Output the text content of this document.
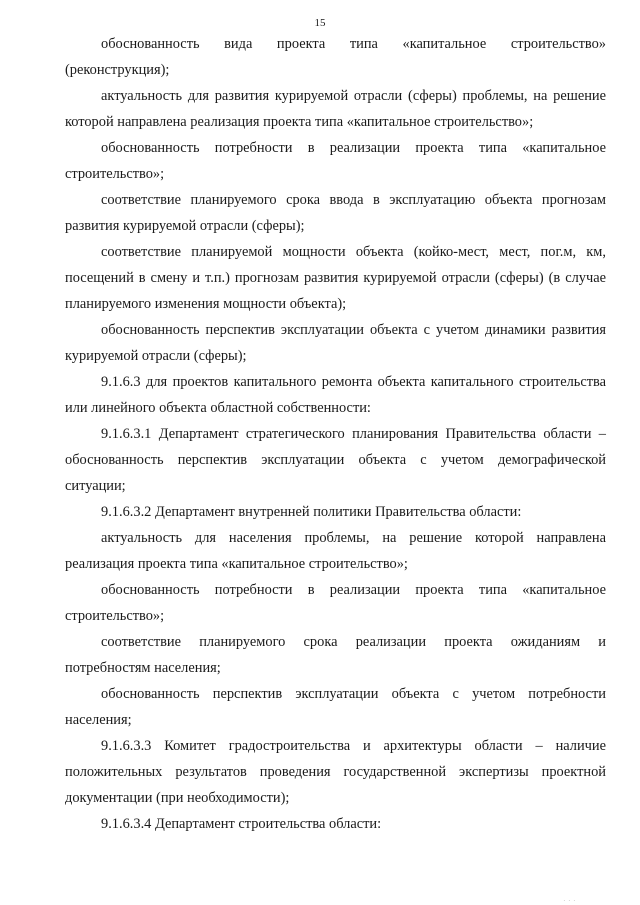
15

обоснованность вида проекта типа «капитальное строительство» (реконструкция);

актуальность для развития курируемой отрасли (сферы) проблемы, на решение которой направлена реализация проекта типа «капитальное строительство»;

обоснованность потребности в реализации проекта типа «капитальное строительство»;

соответствие планируемого срока ввода в эксплуатацию объекта прогнозам развития курируемой отрасли (сферы);

соответствие планируемой мощности объекта (койко-мест, мест, пог.м, км, посещений в смену и т.п.) прогнозам развития курируемой отрасли (сферы) (в случае планируемого изменения мощности объекта);

обоснованность перспектив эксплуатации объекта с учетом динамики развития курируемой отрасли (сферы);

9.1.6.3 для проектов капитального ремонта объекта капитального строительства или линейного объекта областной собственности:

9.1.6.3.1 Департамент стратегического планирования Правительства области – обоснованность перспектив эксплуатации объекта с учетом демографической ситуации;

9.1.6.3.2 Департамент внутренней политики Правительства области:

актуальность для населения проблемы, на решение которой направлена реализация проекта типа «капитальное строительство»;

обоснованность потребности в реализации проекта типа «капитальное строительство»;

соответствие планируемого срока реализации проекта ожиданиям и потребностям населения;

обоснованность перспектив эксплуатации объекта с учетом потребности населения;

9.1.6.3.3 Комитет градостроительства и архитектуры области – наличие положительных результатов проведения государственной экспертизы проектной документации (при необходимости);

9.1.6.3.4 Департамент строительства области:

. . .
